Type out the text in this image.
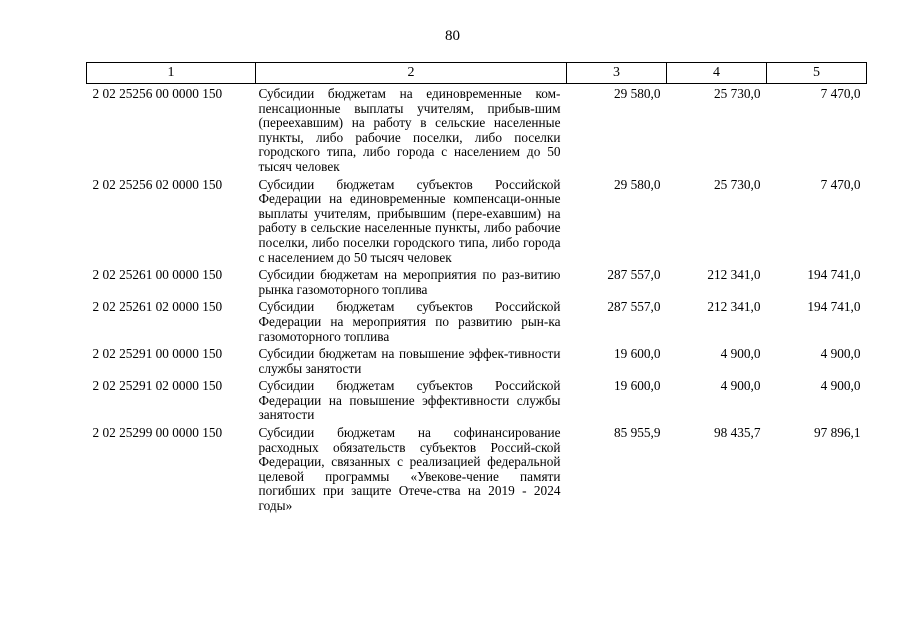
80
1	2	3	4	5
2 02 25256 00 0000 150	Субсидии бюджетам на единовременные ком-пенсационные выплаты учителям, прибыв-шим (переехавшим) на работу в сельские населенные пункты, либо рабочие поселки, либо поселки городского типа, либо города с населением до 50 тысяч человек	29 580,0	25 730,0	7 470,0
2 02 25256 02 0000 150	Субсидии бюджетам субъектов Российской Федерации на единовременные компенсаци-онные выплаты учителям, прибывшим (пере-ехавшим) на работу в сельские населенные пункты, либо рабочие поселки, либо поселки городского типа, либо города с населением до 50 тысяч человек	29 580,0	25 730,0	7 470,0
2 02 25261 00 0000 150	Субсидии бюджетам на мероприятия по раз-витию рынка газомоторного топлива	287 557,0	212 341,0	194 741,0
2 02 25261 02 0000 150	Субсидии бюджетам субъектов Российской Федерации на мероприятия по развитию рын-ка газомоторного топлива	287 557,0	212 341,0	194 741,0
2 02 25291 00 0000 150	Субсидии бюджетам на повышение эффек-тивности службы занятости	19 600,0	4 900,0	4 900,0
2 02 25291 02 0000 150	Субсидии бюджетам субъектов Российской Федерации на повышение эффективности службы занятости	19 600,0	4 900,0	4 900,0
2 02 25299 00 0000 150	Субсидии бюджетам на софинансирование расходных обязательств субъектов Россий-ской Федерации, связанных с реализацией федеральной целевой программы «Увекове-чение памяти погибших при защите Отече-ства на 2019 - 2024 годы»	85 955,9	98 435,7	97 896,1
